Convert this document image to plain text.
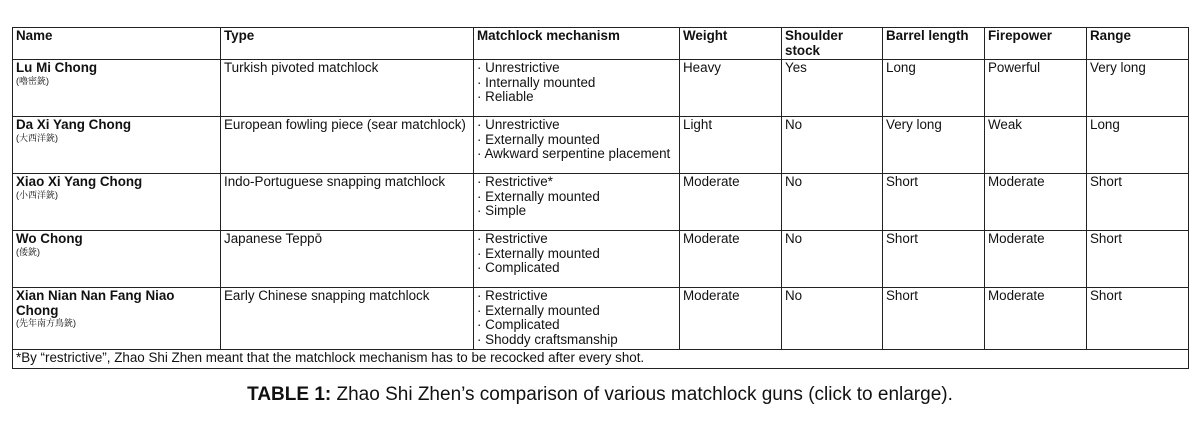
Name	Type	Matchlock mechanism	Weight	Shoulder stock	Barrel length	Firepower	Range

Lu Mi Chong
(嚕密銃)	Turkish pivoted matchlock	· Unrestrictive
· Internally mounted
· Reliable	Heavy	Yes	Long	Powerful	Very long

Da Xi Yang Chong
(大西洋銃)	European fowling piece (sear matchlock)	· Unrestrictive
· Externally mounted
· Awkward serpentine placement	Light	No	Very long	Weak	Long

Xiao Xi Yang Chong
(小西洋銃)	Indo-Portuguese snapping matchlock	· Restrictive*
· Externally mounted
· Simple	Moderate	No	Short	Moderate	Short

Wo Chong
(倭銃)	Japanese Teppō	· Restrictive
· Externally mounted
· Complicated	Moderate	No	Short	Moderate	Short

Xian Nian Nan Fang Niao Chong
(先年南方鳥銃)	Early Chinese snapping matchlock	· Restrictive
· Externally mounted
· Complicated
· Shoddy craftsmanship	Moderate	No	Short	Moderate	Short
*By “restrictive”, Zhao Shi Zhen meant that the matchlock mechanism has to be recocked after every shot.							
TABLE 1: Zhao Shi Zhen’s comparison of various matchlock guns (click to enlarge).
